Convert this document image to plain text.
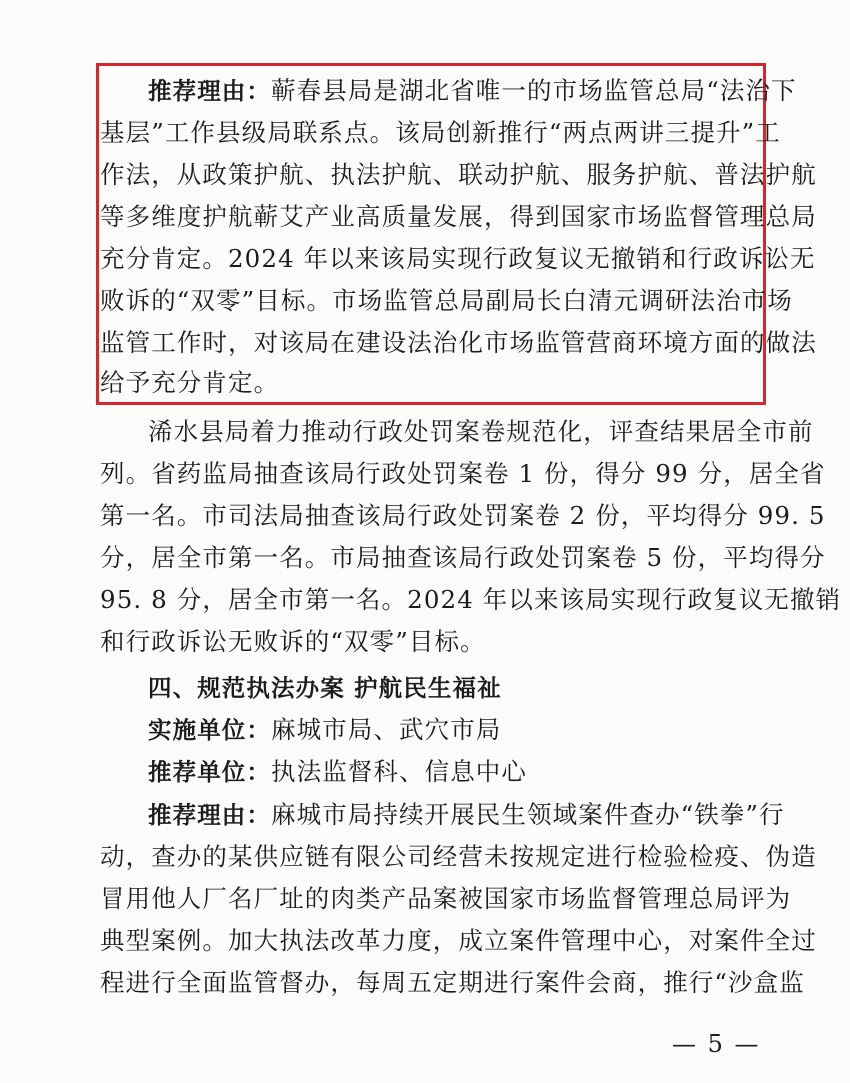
推荐理由：蕲春县局是湖北省唯一的市场监管总局“法治下
基层”工作县级局联系点。该局创新推行“两点两讲三提升”工
作法，从政策护航、执法护航、联动护航、服务护航、普法护航
等多维度护航蕲艾产业高质量发展，得到国家市场监督管理总局
充分肯定。2024 年以来该局实现行政复议无撤销和行政诉讼无
败诉的“双零”目标。市场监管总局副局长白清元调研法治市场
监管工作时，对该局在建设法治化市场监管营商环境方面的做法
给予充分肯定。
浠水县局着力推动行政处罚案卷规范化，评查结果居全市前
列。省药监局抽查该局行政处罚案卷 1 份，得分 99 分，居全省
第一名。市司法局抽查该局行政处罚案卷 2 份，平均得分 99. 5
分，居全市第一名。市局抽查该局行政处罚案卷 5 份，平均得分
95. 8 分，居全市第一名。2024 年以来该局实现行政复议无撤销
和行政诉讼无败诉的“双零”目标。
四、规范执法办案 护航民生福祉
实施单位：麻城市局、武穴市局
推荐单位：执法监督科、信息中心
推荐理由：麻城市局持续开展民生领域案件查办“铁拳”行
动，查办的某供应链有限公司经营未按规定进行检验检疫、伪造
冒用他人厂名厂址的肉类产品案被国家市场监督管理总局评为
典型案例。加大执法改革力度，成立案件管理中心，对案件全过
程进行全面监管督办，每周五定期进行案件会商，推行“沙盒监
— 5 —
